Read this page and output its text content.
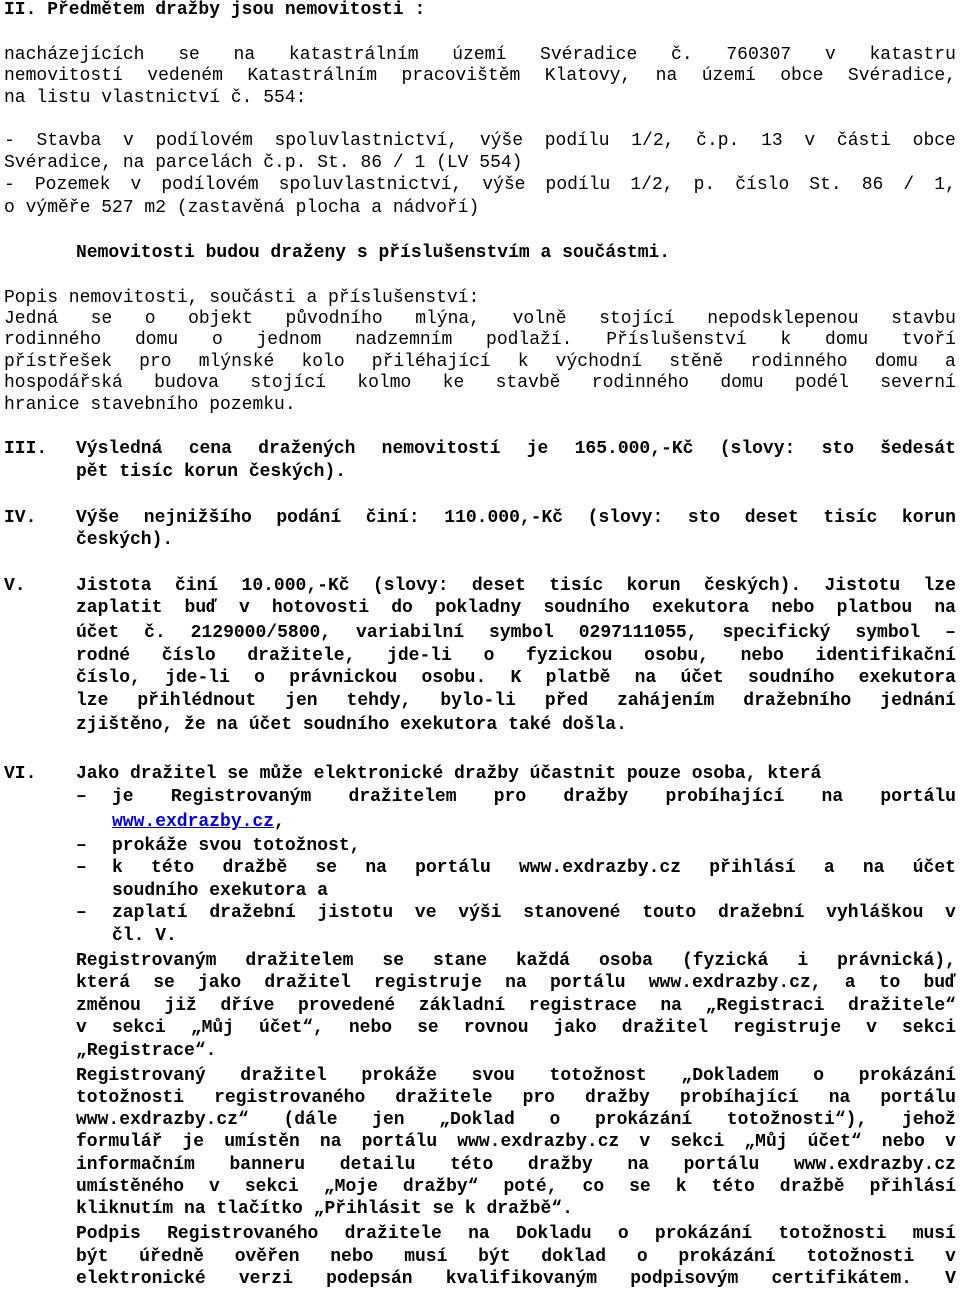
II. Předmětem dražby jsou nemovitosti :
nacházejících se na katastrálním území Svéradice č. 760307 v katastru
nemovitostí vedeném Katastrálním pracovištěm Klatovy, na území obce Svéradice,
na listu vlastnictví č. 554:
- Stavba v podílovém spoluvlastnictví, výše podílu 1/2, č.p. 13 v části obce
Svéradice, na parcelách č.p. St. 86 / 1 (LV 554)
- Pozemek v podílovém spoluvlastnictví, výše podílu 1/2, p. číslo St. 86 / 1,
o výměře 527 m2 (zastavěná plocha a nádvoří)
Nemovitosti budou draženy s příslušenstvím a součástmi.
Popis nemovitosti, součásti a příslušenství:
Jedná se o objekt původního mlýna, volně stojící nepodsklepenou stavbu
rodinného domu o jednom nadzemním podlaží. Příslušenství k domu tvoří
přístřešek pro mlýnské kolo přiléhající k východní stěně rodinného domu a
hospodářská budova stojící kolmo ke stavbě rodinného domu podél severní
hranice stavebního pozemku.
III. Výsledná cena dražených nemovitostí je 165.000,-Kč (slovy: sto šedesát
pět tisíc korun českých).
IV. Výše nejnižšího podání činí: 110.000,-Kč (slovy: sto deset tisíc korun
českých).
V.	Jistota činí 10.000,-Kč (slovy: deset tisíc korun českých). Jistotu lze
zaplatit buď v hotovosti do pokladny soudního exekutora nebo platbou na
účet č. 2129000/5800, variabilní symbol 0297111055, specifický symbol –
rodné číslo dražitele, jde-li o fyzickou osobu, nebo identifikační
číslo, jde-li o právnickou osobu. K platbě na účet soudního exekutora
lze přihlédnout jen tehdy, bylo-li před zahájením dražebního jednání
zjištěno, že na účet soudního exekutora také došla.
VI. Jako dražitel se může elektronické dražby účastnit pouze osoba, která
– je Registrovaným dražitelem pro dražby probíhající na portálu
www.exdrazby.cz,
– prokáže svou totožnost,
– k této dražbě se na portálu www.exdrazby.cz přihlásí a na účet
soudního exekutora a
– zaplatí dražební jistotu ve výši stanovené touto dražební vyhláškou v
čl. V.
Registrovaným dražitelem se stane každá osoba (fyzická i právnická),
která se jako dražitel registruje na portálu www.exdrazby.cz, a to buď
změnou již dříve provedené základní registrace na „Registraci dražitele“
v sekci „Můj účet“, nebo se rovnou jako dražitel registruje v sekci
„Registrace“.
Registrovaný dražitel prokáže svou totožnost „Dokladem o prokázání
totožnosti registrovaného dražitele pro dražby probíhající na portálu
www.exdrazby.cz“ (dále jen „Doklad o prokázání totožnosti“), jehož
formulář je umístěn na portálu www.exdrazby.cz v sekci „Můj účet“ nebo v
informačním banneru detailu této dražby na portálu www.exdrazby.cz
umístěného v sekci „Moje dražby“ poté, co se k této dražbě přihlásí
kliknutím na tlačítko „Přihlásit se k dražbě“.
Podpis Registrovaného dražitele na Dokladu o prokázání totožnosti musí
být úředně ověřen nebo musí být doklad o prokázání totožnosti v
elektronické verzi podepsán kvalifikovaným podpisovým certifikátem. V
